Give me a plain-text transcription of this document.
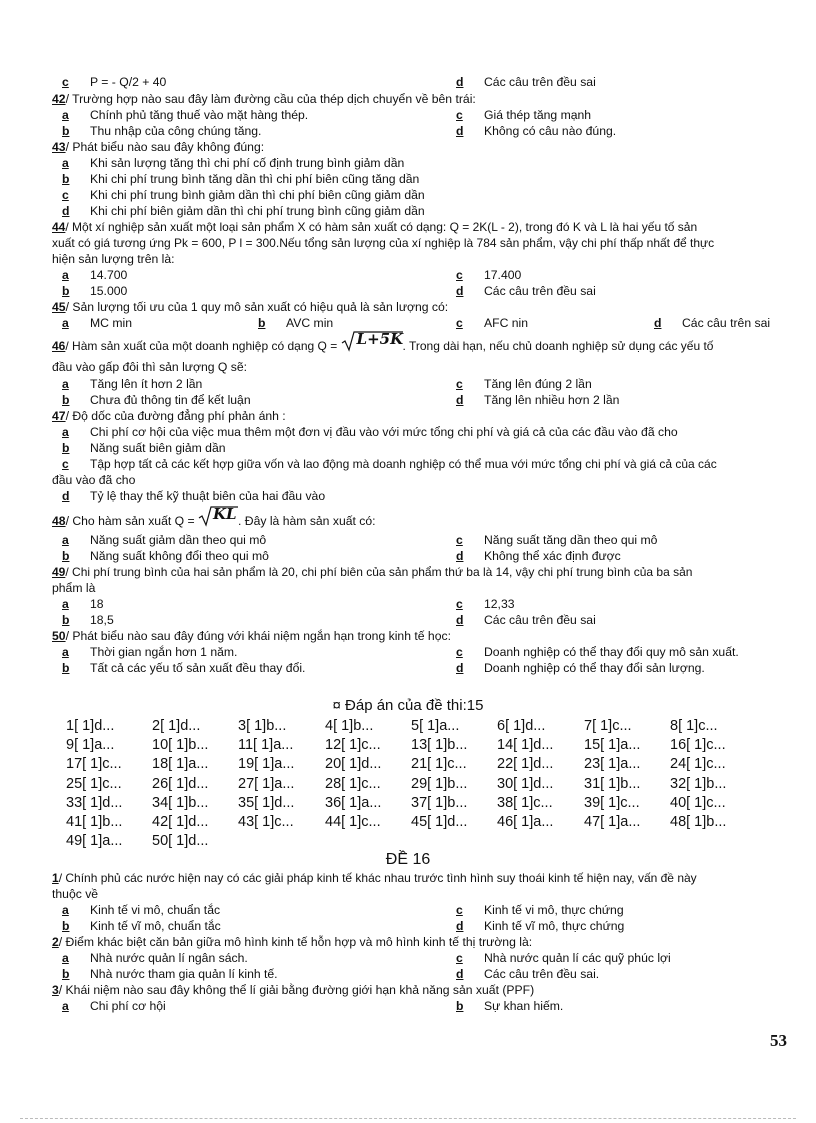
c P = - Q/2 + 40	d Các câu trên đều sai
42/ Trường hợp nào sau đây làm đường cầu của thép dịch chuyển về bên trái:
a Chính phủ tăng thuế vào mặt hàng thép.	c Giá thép tăng mạnh
b Thu nhập của công chúng tăng.	d Không có câu nào đúng.
43/ Phát biểu nào sau đây không đúng:
a Khi sản lượng tăng thì chi phí cố định trung bình giảm dần
b Khi chi phí trung bình tăng dần thì chi phí biên cũng tăng dần
c Khi chi phí trung bình giảm dần thì chi phí biên cũng giảm dần
d Khi chi phí biên giảm dần thì chi phí trung bình cũng giảm dần
44/ Một xí nghiệp sản xuất một loại sản phẩm X có hàm sản xuất có dạng: Q = 2K(L - 2), trong đó K và L là hai yếu tố sản
xuất có giá tương ứng Pk = 600, P l = 300.Nếu tổng sản lượng của xí nghiệp là 784 sản phẩm, vậy chi phí thấp nhất để thực
hiện sản lượng trên là:
a 14.700	c 17.400
b 15.000	d Các câu trên đều sai
45/ Sản lượng tối ưu của 1 quy mô sản xuất có hiệu quả là sản lượng có:
a MC min	b AVC min	c AFC nin	d Các câu trên sai
46/ Hàm sản xuất của một doanh nghiệp có dạng Q = L+5K . Trong dài hạn, nếu chủ doanh nghiệp sử dụng các yếu tố
đầu vào gấp đôi thì sản lượng Q sẽ:
a Tăng lên ít hơn 2 lần	c Tăng lên đúng 2 lần
b Chưa đủ thông tin để kết luận	d Tăng lên nhiều hơn 2 lần
47/ Độ dốc của đường đẳng phí phản ánh :
a Chi phí cơ hội của việc mua thêm một đơn vị đầu vào với mức tổng chi phí và giá cả của các đầu vào đã cho
b Năng suất biên giảm dần
c Tập hợp tất cả các kết hợp giữa vốn và lao động mà doanh nghiệp có thể mua với mức tổng chi phí và giá cả của các
đầu vào đã cho
d Tỷ lệ thay thế kỹ thuật biên của hai đầu vào
48/ Cho hàm sản xuất Q = KL . Đây là hàm sản xuất có:
a Năng suất giảm dần theo qui mô	c Năng suất tăng dần theo qui mô
b Năng suất không đổi theo qui mô	d Không thể xác định được
49/ Chi phí trung bình của hai sản phẩm là 20, chi phí biên của sản phẩm thứ ba là 14, vậy chi phí trung bình của ba sản
phẩm là
a 18	c 12,33
b 18,5	d Các câu trên đều sai
50/ Phát biểu nào sau đây đúng với khái niệm ngắn hạn trong kinh tế học:
a Thời gian ngắn hơn 1 năm.	c Doanh nghiệp có thể thay đổi quy mô sản xuất.
b Tất cả các yếu tố sản xuất đều thay đổi.	d Doanh nghiệp có thể thay đổi sản lượng.
¤ Đáp án của đề thi:15
1[ 1]d...	2[ 1]d...	3[ 1]b...	4[ 1]b...	5[ 1]a...	6[ 1]d...	7[ 1]c...	8[ 1]c...
9[ 1]a...	10[ 1]b... 11[ 1]a... 12[ 1]c... 13[ 1]b... 14[ 1]d... 15[ 1]a... 16[ 1]c...
17[ 1]c... 18[ 1]a... 19[ 1]a... 20[ 1]d... 21[ 1]c... 22[ 1]d... 23[ 1]a... 24[ 1]c...
25[ 1]c... 26[ 1]d... 27[ 1]a... 28[ 1]c... 29[ 1]b... 30[ 1]d... 31[ 1]b... 32[ 1]b...
33[ 1]d... 34[ 1]b... 35[ 1]d... 36[ 1]a... 37[ 1]b... 38[ 1]c... 39[ 1]c... 40[ 1]c...
41[ 1]b... 42[ 1]d... 43[ 1]c... 44[ 1]c... 45[ 1]d... 46[ 1]a... 47[ 1]a... 48[ 1]b...
49[ 1]a... 50[ 1]d...
ĐỀ 16
1/ Chính phủ các nước hiện nay có các giải pháp kinh tế khác nhau trước tình hình suy thoái kinh tế hiện nay, vấn đề này
thuộc về
a Kinh tế vi mô, chuẩn tắc	c Kinh tế vi mô, thực chứng
b Kinh tế vĩ mô, chuẩn tắc	d Kinh tế vĩ mô, thực chứng
2/ Điểm khác biệt căn bản giữa mô hình kinh tế hỗn hợp và mô hình kinh tế thị trường là:
a Nhà nước quản lí ngân sách.	c Nhà nước quản lí các quỹ phúc lợi
b Nhà nước tham gia quản lí kinh tế.	d Các câu trên đều sai.
3/ Khái niệm nào sau đây không thể lí giải bằng đường giới hạn khả năng sản xuất (PPF)
a Chi phí cơ hội	b Sự khan hiếm.
53
